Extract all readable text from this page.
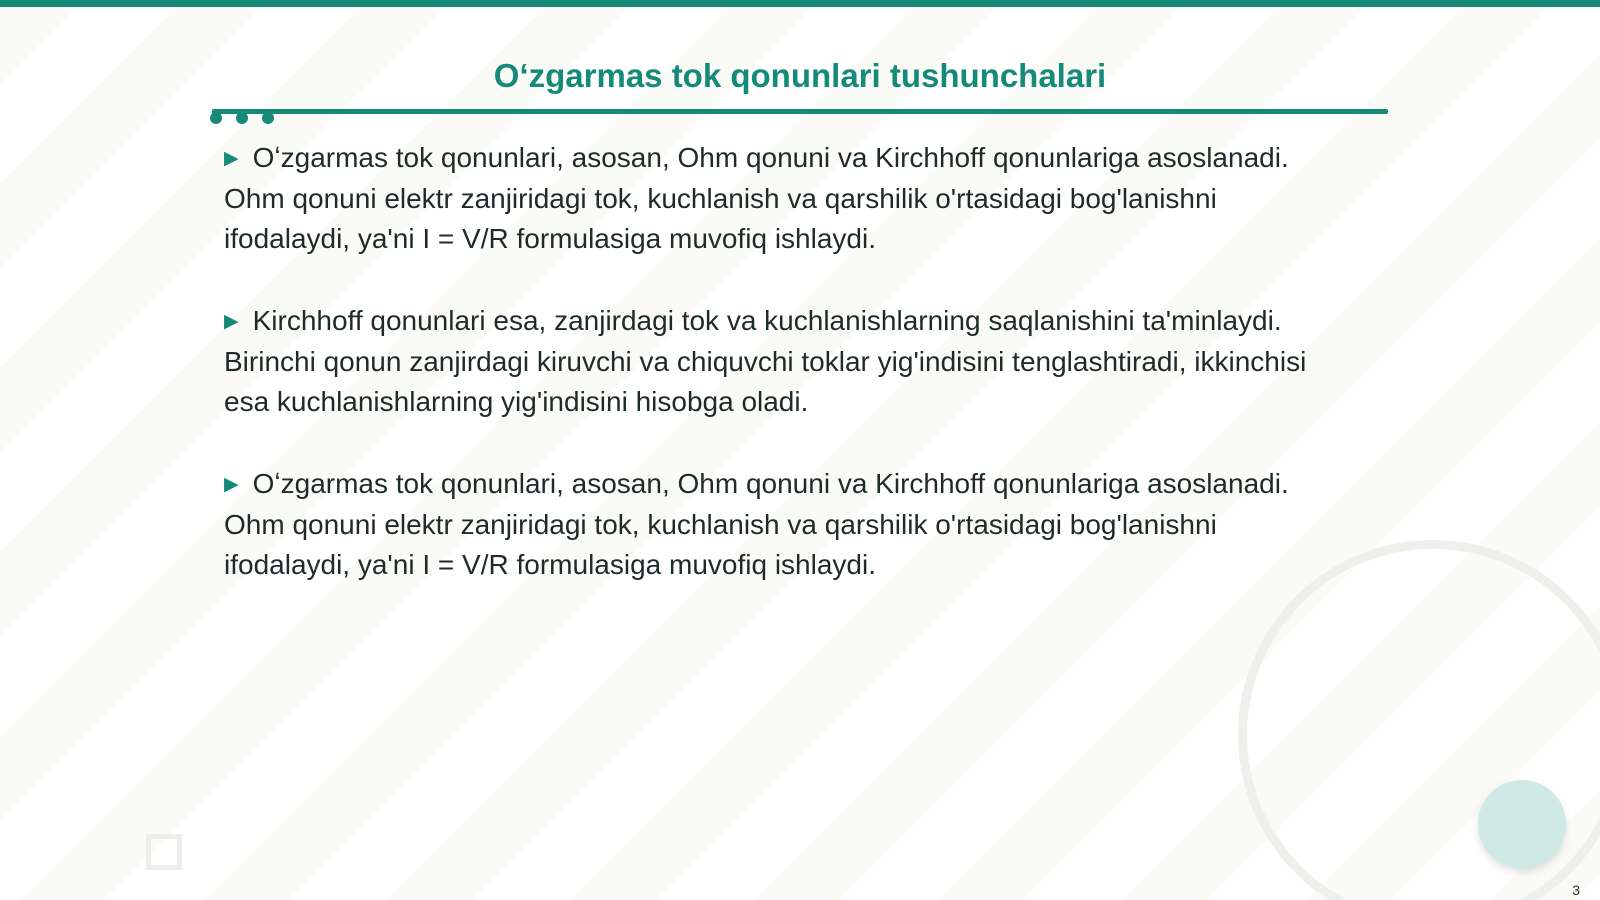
Oʻzgarmas tok qonunlari tushunchalari

▶ Oʻzgarmas tok qonunlari, asosan, Ohm qonuni va Kirchhoff qonunlariga asoslanadi. Ohm qonuni elektr zanjiridagi tok, kuchlanish va qarshilik o'rtasidagi bog'lanishni ifodalaydi, ya'ni I = V/R formulasiga muvofiq ishlaydi.

▶ Kirchhoff qonunlari esa, zanjirdagi tok va kuchlanishlarning saqlanishini ta'minlaydi. Birinchi qonun zanjirdagi kiruvchi va chiquvchi toklar yig'indisini tenglashtiradi, ikkinchisi esa kuchlanishlarning yig'indisini hisobga oladi.

▶ Oʻzgarmas tok qonunlari, asosan, Ohm qonuni va Kirchhoff qonunlariga asoslanadi. Ohm qonuni elektr zanjiridagi tok, kuchlanish va qarshilik o'rtasidagi bog'lanishni ifodalaydi, ya'ni I = V/R formulasiga muvofiq ishlaydi.

3
